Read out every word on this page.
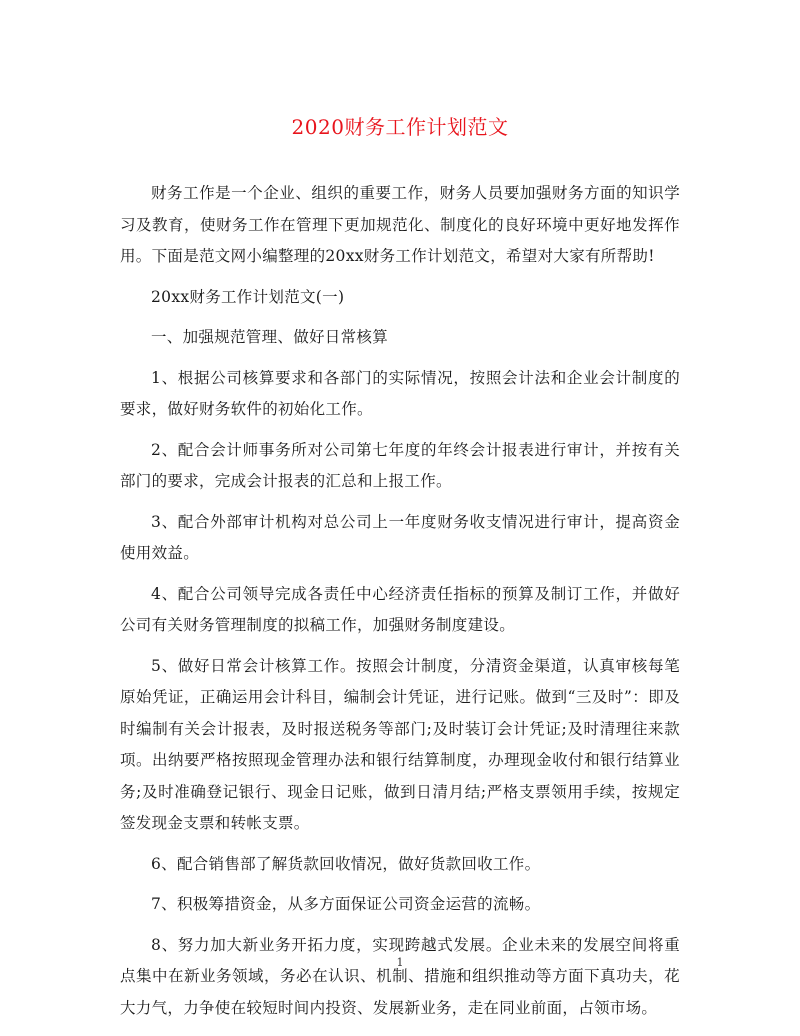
2020财务工作计划范文

财务工作是一个企业、组织的重要工作，财务人员要加强财务方面的知识学习及教育，使财务工作在管理下更加规范化、制度化的良好环境中更好地发挥作用。下面是范文网小编整理的20xx财务工作计划范文，希望对大家有所帮助!

20xx财务工作计划范文(一)

一、加强规范管理、做好日常核算

1、根据公司核算要求和各部门的实际情况，按照会计法和企业会计制度的要求，做好财务软件的初始化工作。

2、配合会计师事务所对公司第七年度的年终会计报表进行审计，并按有关部门的要求，完成会计报表的汇总和上报工作。

3、配合外部审计机构对总公司上一年度财务收支情况进行审计，提高资金使用效益。

4、配合公司领导完成各责任中心经济责任指标的预算及制订工作，并做好公司有关财务管理制度的拟稿工作，加强财务制度建设。

5、做好日常会计核算工作。按照会计制度，分清资金渠道，认真审核每笔原始凭证，正确运用会计科目，编制会计凭证，进行记账。做到“三及时”：即及时编制有关会计报表，及时报送税务等部门;及时装订会计凭证;及时清理往来款项。出纳要严格按照现金管理办法和银行结算制度，办理现金收付和银行结算业务;及时准确登记银行、现金日记账，做到日清月结;严格支票领用手续，按规定签发现金支票和转帐支票。

6、配合销售部了解货款回收情况，做好货款回收工作。

7、积极筹措资金，从多方面保证公司资金运营的流畅。

8、努力加大新业务开拓力度，实现跨越式发展。企业未来的发展空间将重点集中在新业务领域，务必在认识、机制、措施和组织推动等方面下真功夫，花大力气，力争使在较短时间内投资、发展新业务，走在同业前面，占领市场。

1
